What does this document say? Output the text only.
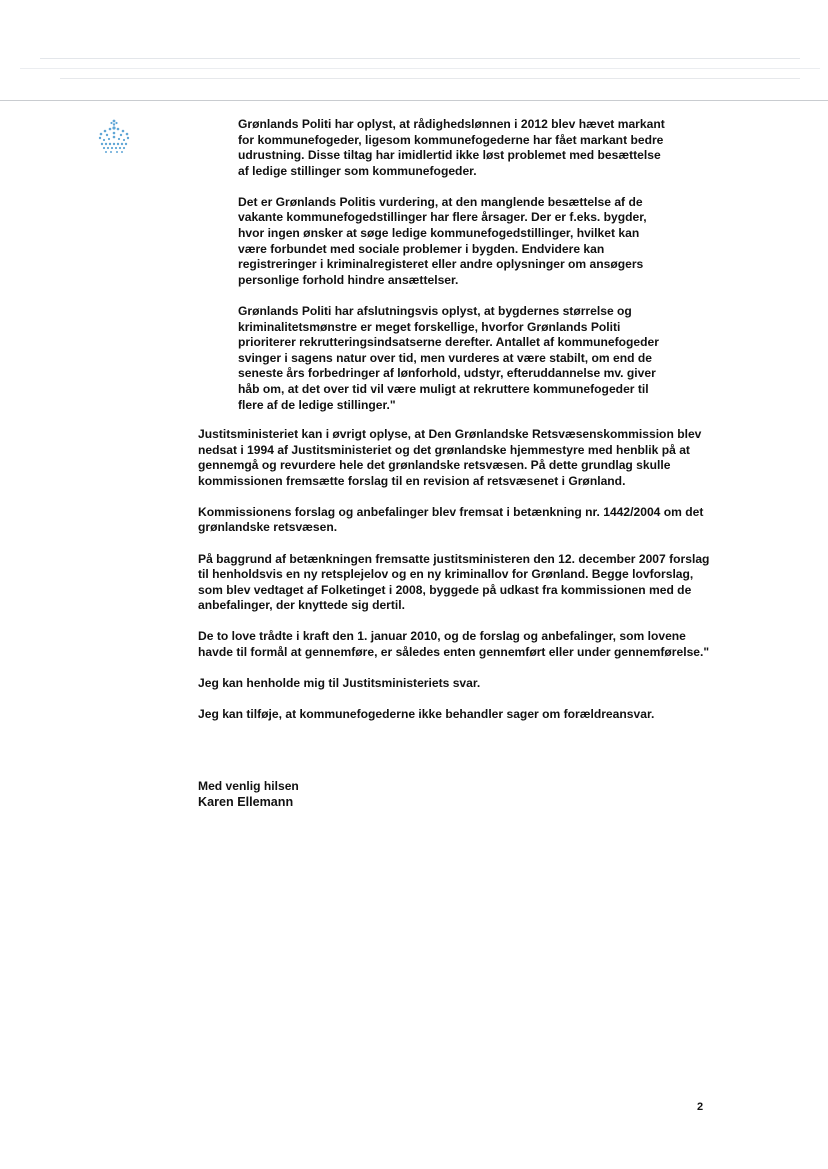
Grønlands Politi har oplyst, at rådighedslønnen i 2012 blev hævet markant for kommunefogeder, ligesom kommunefogederne har fået markant bedre udrustning. Disse tiltag har imidlertid ikke løst problemet med besættelse af ledige stillinger som kommunefogeder.

Det er Grønlands Politis vurdering, at den manglende besættelse af de vakante kommunefogedstillinger har flere årsager. Der er f.eks. bygder, hvor ingen ønsker at søge ledige kommunefogedstillinger, hvilket kan være forbundet med sociale problemer i bygden. Endvidere kan registreringer i kriminalregisteret eller andre oplysninger om ansøgers personlige forhold hindre ansættelser.

Grønlands Politi har afslutningsvis oplyst, at bygdernes størrelse og kriminalitetsmønstre er meget forskellige, hvorfor Grønlands Politi prioriterer rekrutteringsindsatserne derefter. Antallet af kommunefogeder svinger i sagens natur over tid, men vurderes at være stabilt, om end de seneste års forbedringer af lønforhold, udstyr, efteruddannelse mv. giver håb om, at det over tid vil være muligt at rekruttere kommunefogeder til flere af de ledige stillinger."

Justitsministeriet kan i øvrigt oplyse, at Den Grønlandske Retsvæsenskommission blev nedsat i 1994 af Justitsministeriet og det grønlandske hjemmestyre med henblik på at gennemgå og revurdere hele det grønlandske retsvæsen. På dette grundlag skulle kommissionen fremsætte forslag til en revision af retsvæsenet i Grønland.

Kommissionens forslag og anbefalinger blev fremsat i betænkning nr. 1442/2004 om det grønlandske retsvæsen.

På baggrund af betænkningen fremsatte justitsministeren den 12. december 2007 forslag til henholdsvis en ny retsplejelov og en ny kriminallov for Grønland. Begge lovforslag, som blev vedtaget af Folketinget i 2008, byggede på udkast fra kommissionen med de anbefalinger, der knyttede sig dertil.

De to love trådte i kraft den 1. januar 2010, og de forslag og anbefalinger, som lovene havde til formål at gennemføre, er således enten gennemført eller under gennemførelse."

Jeg kan henholde mig til Justitsministeriets svar.

Jeg kan tilføje, at kommunefogederne ikke behandler sager om forældreansvar.

Med venlig hilsen
Karen Ellemann
2
